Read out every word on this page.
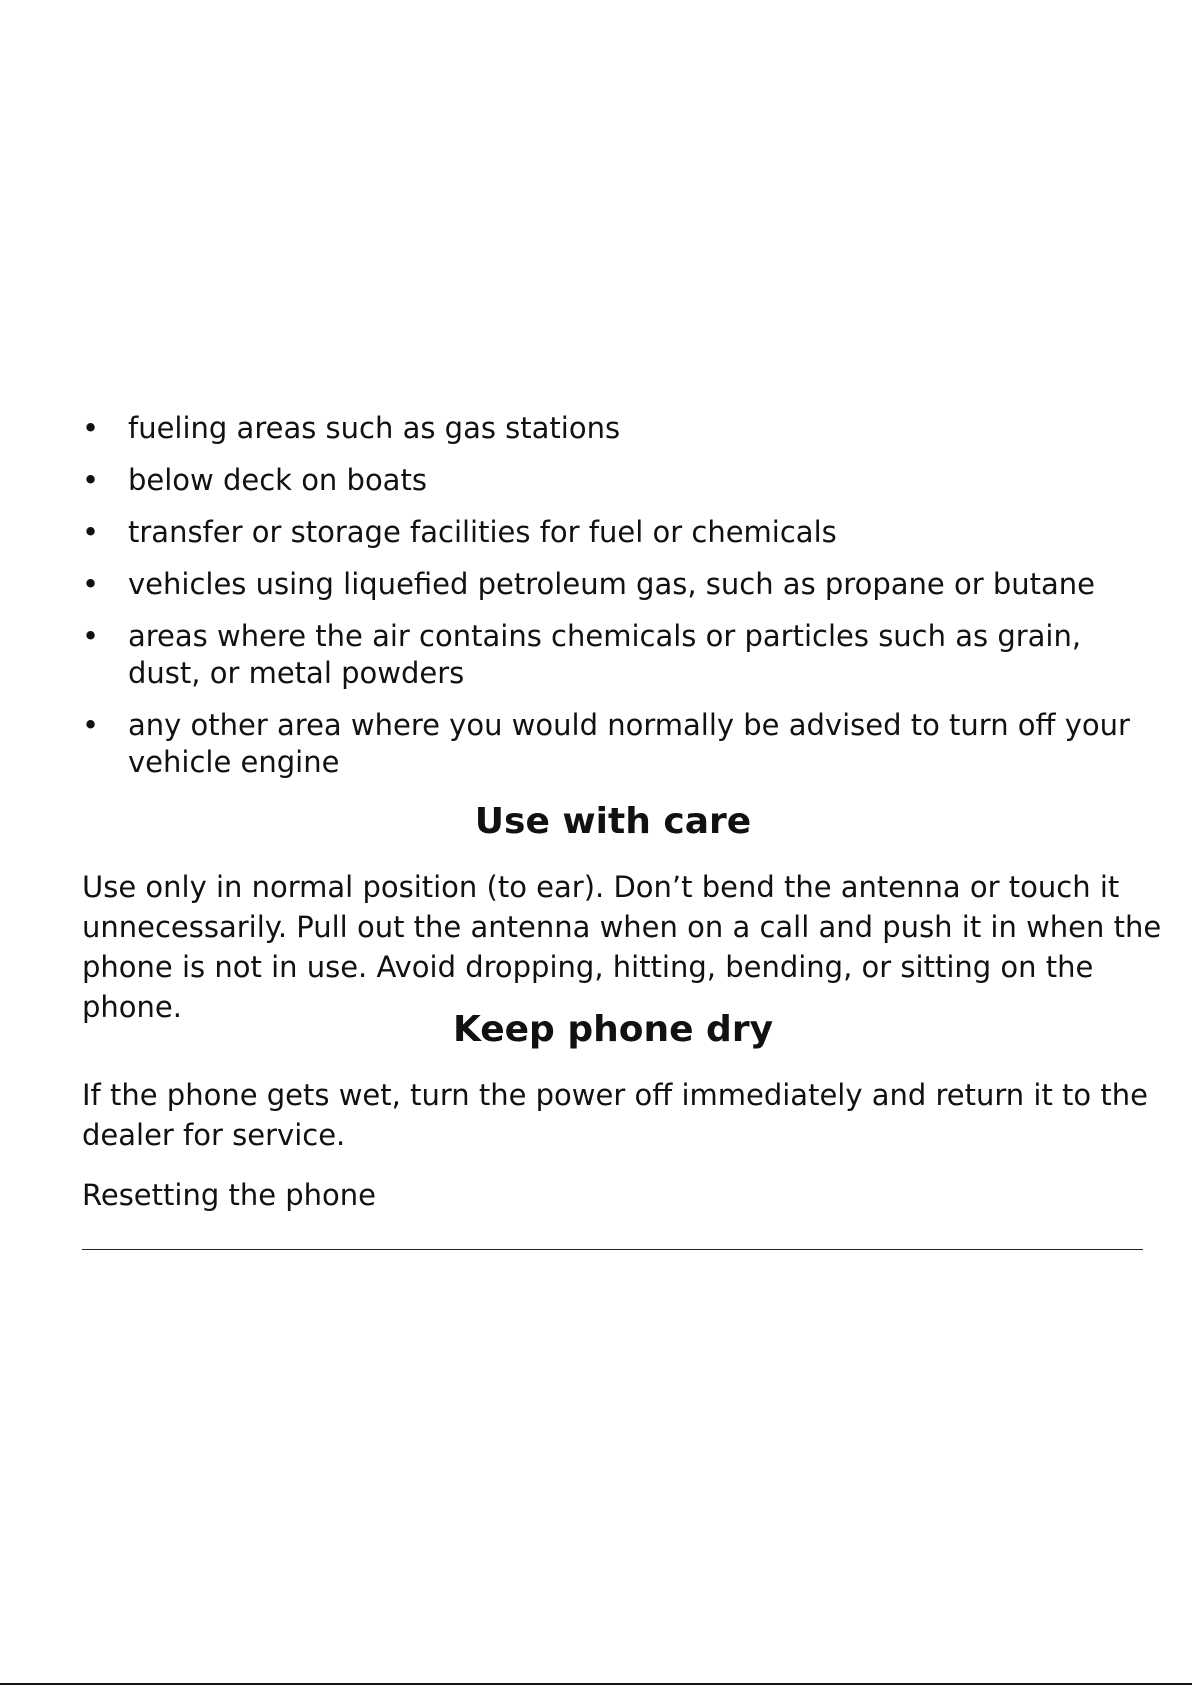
• fueling areas such as gas stations
• below deck on boats
• transfer or storage facilities for fuel or chemicals
• vehicles using liquefied petroleum gas, such as propane or butane
• areas where the air contains chemicals or particles such as grain, dust, or metal powders
• any other area where you would normally be advised to turn off your vehicle engine
Use with care

Use only in normal position (to ear). Don’t bend the antenna or touch it unnecessarily. Pull out the antenna when on a call and push it in when the phone is not in use. Avoid dropping, hitting, bending, or sitting on the phone.

Keep phone dry

If the phone gets wet, turn the power off immediately and return it to the dealer for service.

Resetting the phone
